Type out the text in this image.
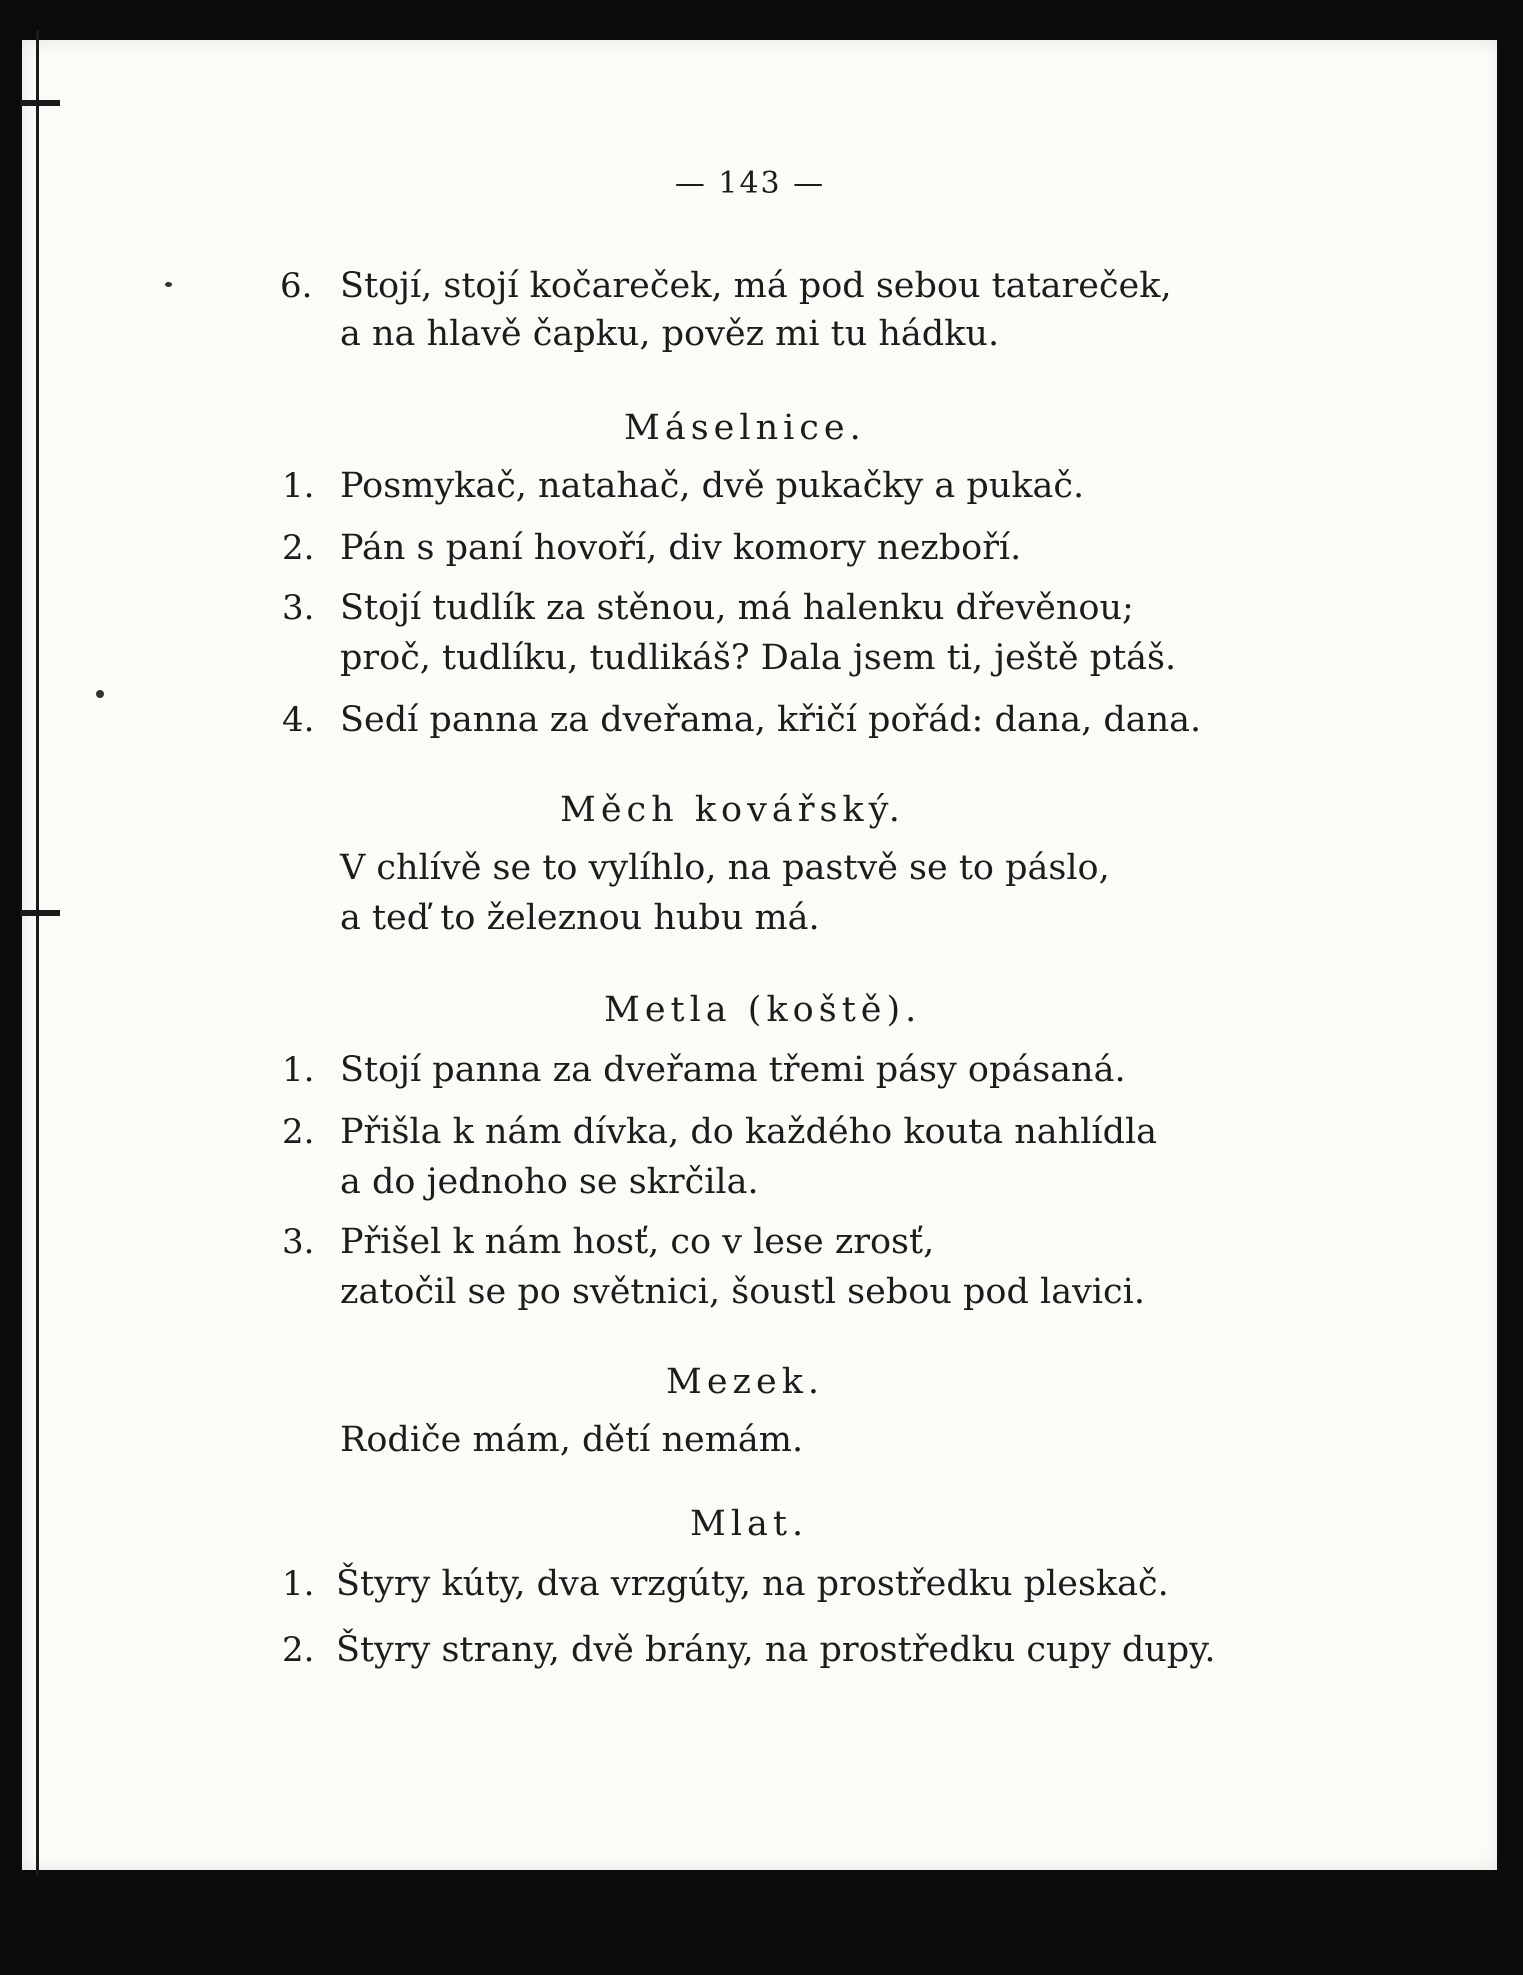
— 143 —
6. Stojí, stojí kočareček, má pod sebou tatareček,
a na hlavě čapku, pověz mi tu hádku.
Máselnice.
1. Posmykač, natahač, dvě pukačky a pukač.
2. Pán s paní hovoří, div komory nezboří.
3. Stojí tudlík za stěnou, má halenku dřevěnou;
proč, tudlíku, tudlikáš? Dala jsem ti, ještě ptáš.
4. Sedí panna za dveřama, křičí pořád: dana, dana.
Měch kovářský.
V chlívě se to vylíhlo, na pastvě se to páslo,
a teď to železnou hubu má.
Metla (koště).
1. Stojí panna za dveřama třemi pásy opásaná.
2. Přišla k nám dívka, do každého kouta nahlídla
a do jednoho se skrčila.
3. Přišel k nám hosť, co v lese zrosť,
zatočil se po světnici, šoustl sebou pod lavici.
Mezek.
Rodiče mám, dětí nemám.
Mlat.
1. Štyry kúty, dva vrzgúty, na prostředku pleskač.
2. Štyry strany, dvě brány, na prostředku cupy dupy.
